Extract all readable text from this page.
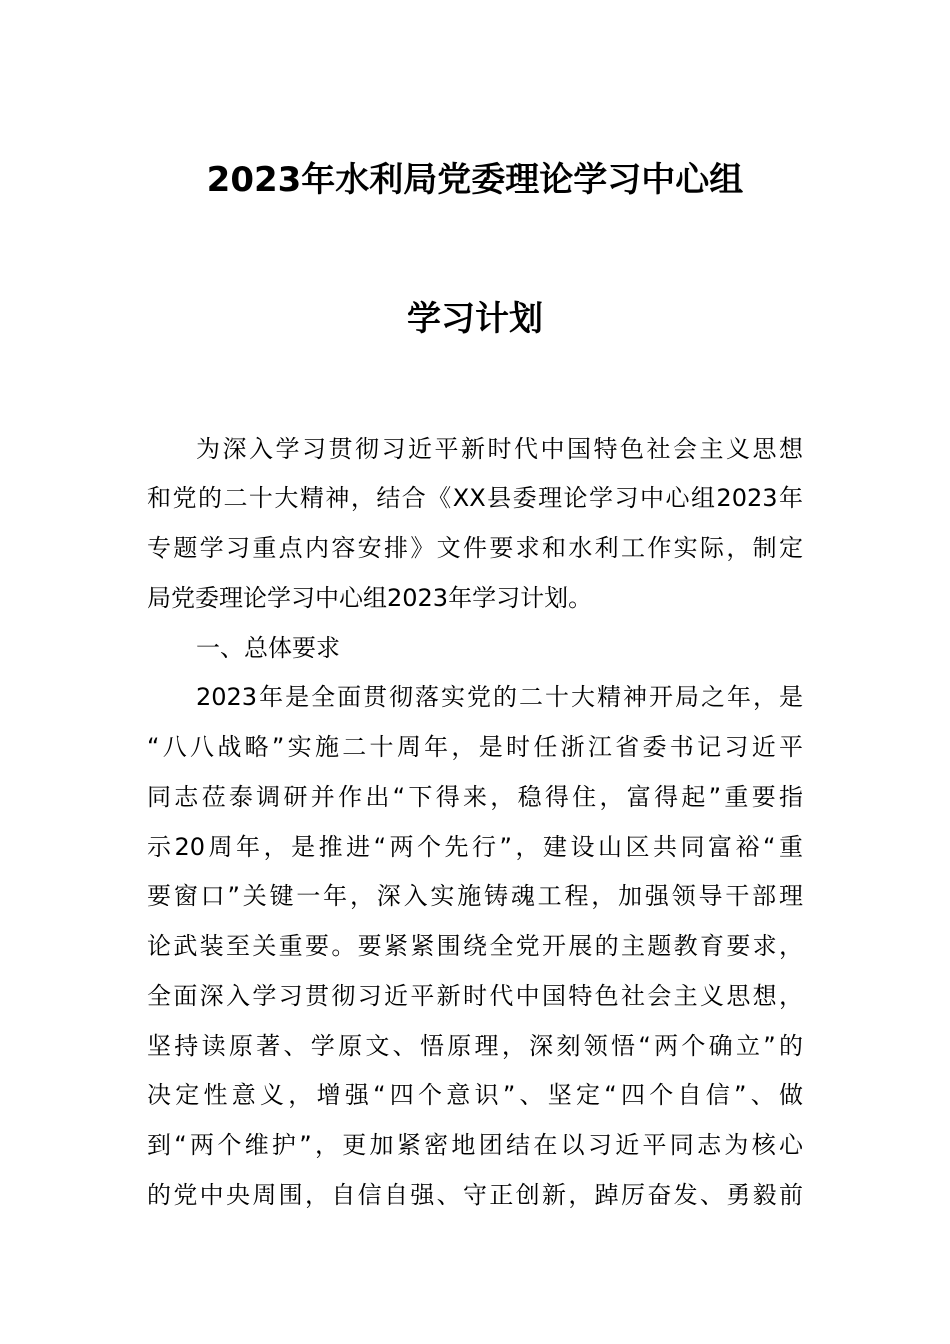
2023年水利局党委理论学习中心组
学习计划
为深入学习贯彻习近平新时代中国特色社会主义思想
和党的二十大精神，结合《XX县委理论学习中心组2023年
专题学习重点内容安排》文件要求和水利工作实际，制定
局党委理论学习中心组2023年学习计划。
一、总体要求
2023年是全面贯彻落实党的二十大精神开局之年，是
“八八战略”实施二十周年，是时任浙江省委书记习近平
同志莅泰调研并作出“下得来，稳得住，富得起”重要指
示20周年，是推进“两个先行”，建设山区共同富裕“重
要窗口”关键一年，深入实施铸魂工程，加强领导干部理
论武装至关重要。要紧紧围绕全党开展的主题教育要求，
全面深入学习贯彻习近平新时代中国特色社会主义思想，
坚持读原著、学原文、悟原理，深刻领悟“两个确立”的
决定性意义，增强“四个意识”、坚定“四个自信”、做
到“两个维护”，更加紧密地团结在以习近平同志为核心
的党中央周围，自信自强、守正创新，踔厉奋发、勇毅前
